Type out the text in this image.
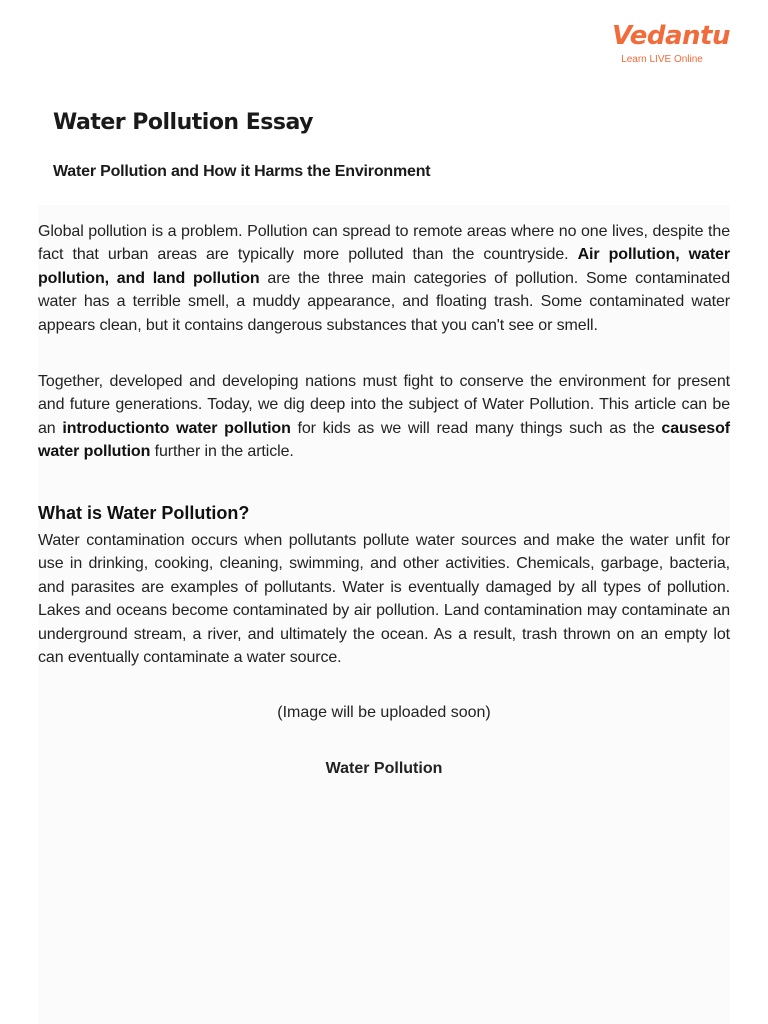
Vedantu
Learn LIVE Online
Water Pollution Essay
Water Pollution and How it Harms the Environment

Global pollution is a problem. Pollution can spread to remote areas where no one lives, despite the fact that urban areas are typically more polluted than the countryside. Air pollution, water pollution, and land pollution are the three main categories of pollution. Some contaminated water has a terrible smell, a muddy appearance, and floating trash. Some contaminated water appears clean, but it contains dangerous substances that you can't see or smell.

Together, developed and developing nations must fight to conserve the environment for present and future generations. Today, we dig deep into the subject of Water Pollution. This article can be an introductionto water pollution for kids as we will read many things such as the causesof water pollution further in the article.

What is Water Pollution?

Water contamination occurs when pollutants pollute water sources and make the water unfit for use in drinking, cooking, cleaning, swimming, and other activities. Chemicals, garbage, bacteria, and parasites are examples of pollutants. Water is eventually damaged by all types of pollution. Lakes and oceans become contaminated by air pollution. Land contamination may contaminate an underground stream, a river, and ultimately the ocean. As a result, trash thrown on an empty lot can eventually contaminate a water source.

(Image will be uploaded soon)

Water Pollution
